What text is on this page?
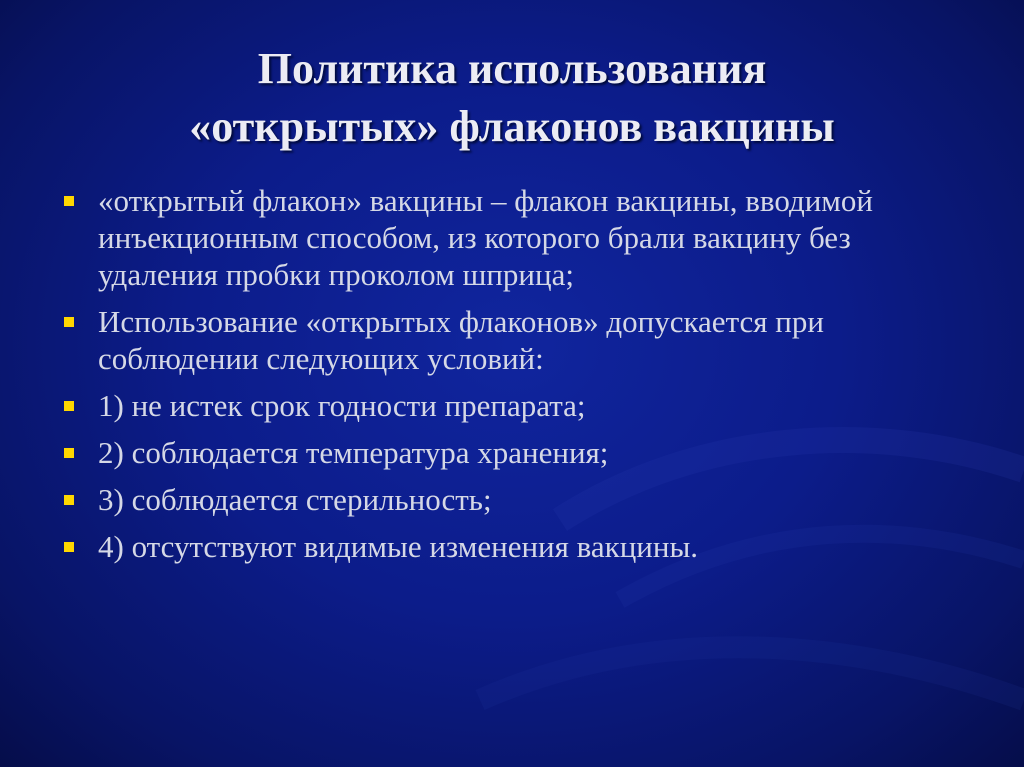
Политика использования
«открытых» флаконов вакцины
«открытый флакон» вакцины – флакон вакцины, вводимой инъекционным способом, из которого брали вакцину без удаления пробки проколом шприца;
Использование «открытых флаконов» допускается при соблюдении следующих условий:
1) не истек срок годности препарата;
2) соблюдается температура хранения;
3) соблюдается стерильность;
4) отсутствуют видимые изменения вакцины.
